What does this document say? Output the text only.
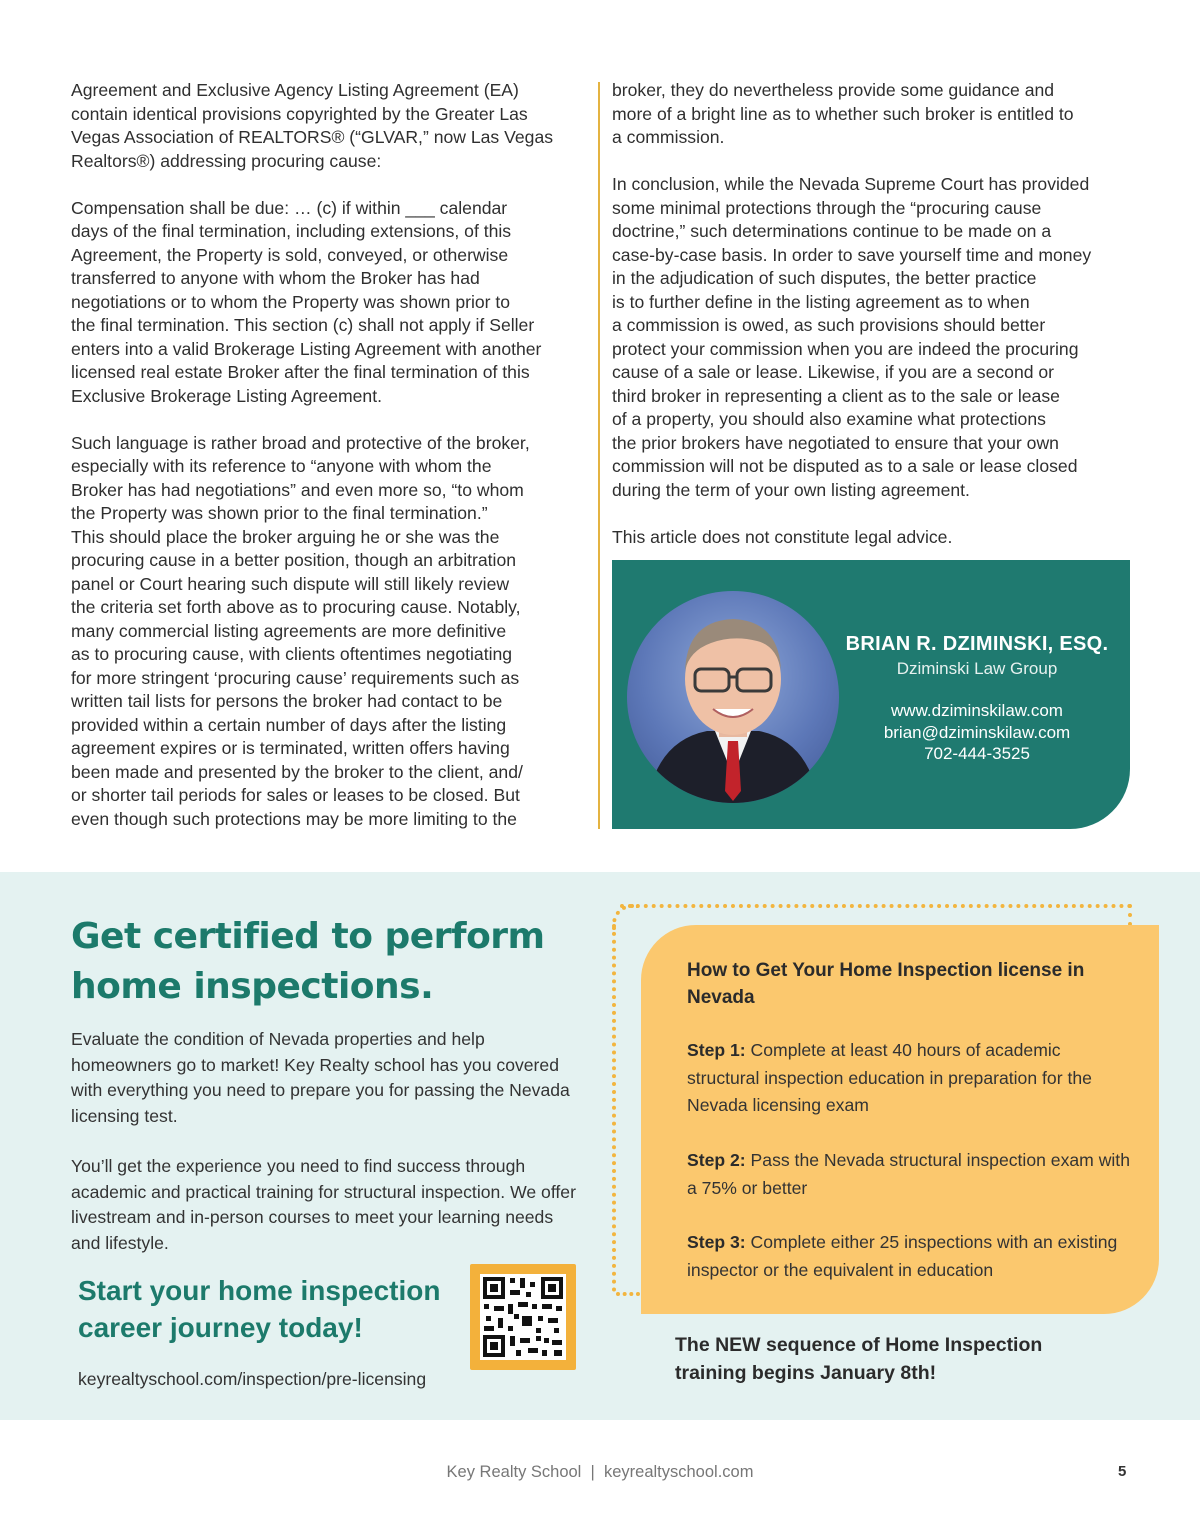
Agreement and Exclusive Agency Listing Agreement (EA)
contain identical provisions copyrighted by the Greater Las
Vegas Association of REALTORS® (“GLVAR,” now Las Vegas
Realtors®) addressing procuring cause:

Compensation shall be due: … (c) if within ___ calendar
days of the final termination, including extensions, of this
Agreement, the Property is sold, conveyed, or otherwise
transferred to anyone with whom the Broker has had
negotiations or to whom the Property was shown prior to
the final termination. This section (c) shall not apply if Seller
enters into a valid Brokerage Listing Agreement with another
licensed real estate Broker after the final termination of this
Exclusive Brokerage Listing Agreement.

Such language is rather broad and protective of the broker,
especially with its reference to “anyone with whom the
Broker has had negotiations” and even more so, “to whom
the Property was shown prior to the final termination.”
This should place the broker arguing he or she was the
procuring cause in a better position, though an arbitration
panel or Court hearing such dispute will still likely review
the criteria set forth above as to procuring cause. Notably,
many commercial listing agreements are more definitive
as to procuring cause, with clients oftentimes negotiating
for more stringent ‘procuring cause’ requirements such as
written tail lists for persons the broker had contact to be
provided within a certain number of days after the listing
agreement expires or is terminated, written offers having
been made and presented by the broker to the client, and/
or shorter tail periods for sales or leases to be closed. But
even though such protections may be more limiting to the

broker, they do nevertheless provide some guidance and
more of a bright line as to whether such broker is entitled to
a commission.

In conclusion, while the Nevada Supreme Court has provided
some minimal protections through the “procuring cause
doctrine,” such determinations continue to be made on a
case-by-case basis. In order to save yourself time and money
in the adjudication of such disputes, the better practice
is to further define in the listing agreement as to when
a commission is owed, as such provisions should better
protect your commission when you are indeed the procuring
cause of a sale or lease. Likewise, if you are a second or
third broker in representing a client as to the sale or lease
of a property, you should also examine what protections
the prior brokers have negotiated to ensure that your own
commission will not be disputed as to a sale or lease closed
during the term of your own listing agreement.

This article does not constitute legal advice.

BRIAN R. DZIMINSKI, ESQ.
Dziminski Law Group
www.dziminskilaw.com
brian@dziminskilaw.com
702-444-3525
Get certified to perform
home inspections.
Evaluate the condition of Nevada properties and help homeowners go to market! Key Realty school has you covered with everything you need to prepare you for passing the Nevada licensing test.
You’ll get the experience you need to find success through academic and practical training for structural inspection. We offer livestream and in-person courses to meet your learning needs and lifestyle.
Start your home inspection
career journey today!
keyrealtyschool.com/inspection/pre-licensing
How to Get Your Home Inspection license in Nevada
Step 1: Complete at least 40 hours of academic structural inspection education in preparation for the Nevada licensing exam
Step 2: Pass the Nevada structural inspection exam with a 75% or better
Step 3: Complete either 25 inspections with an existing inspector or the equivalent in education
The NEW sequence of Home Inspection training begins January 8th!
Key Realty School  |  keyrealtyschool.com	5
